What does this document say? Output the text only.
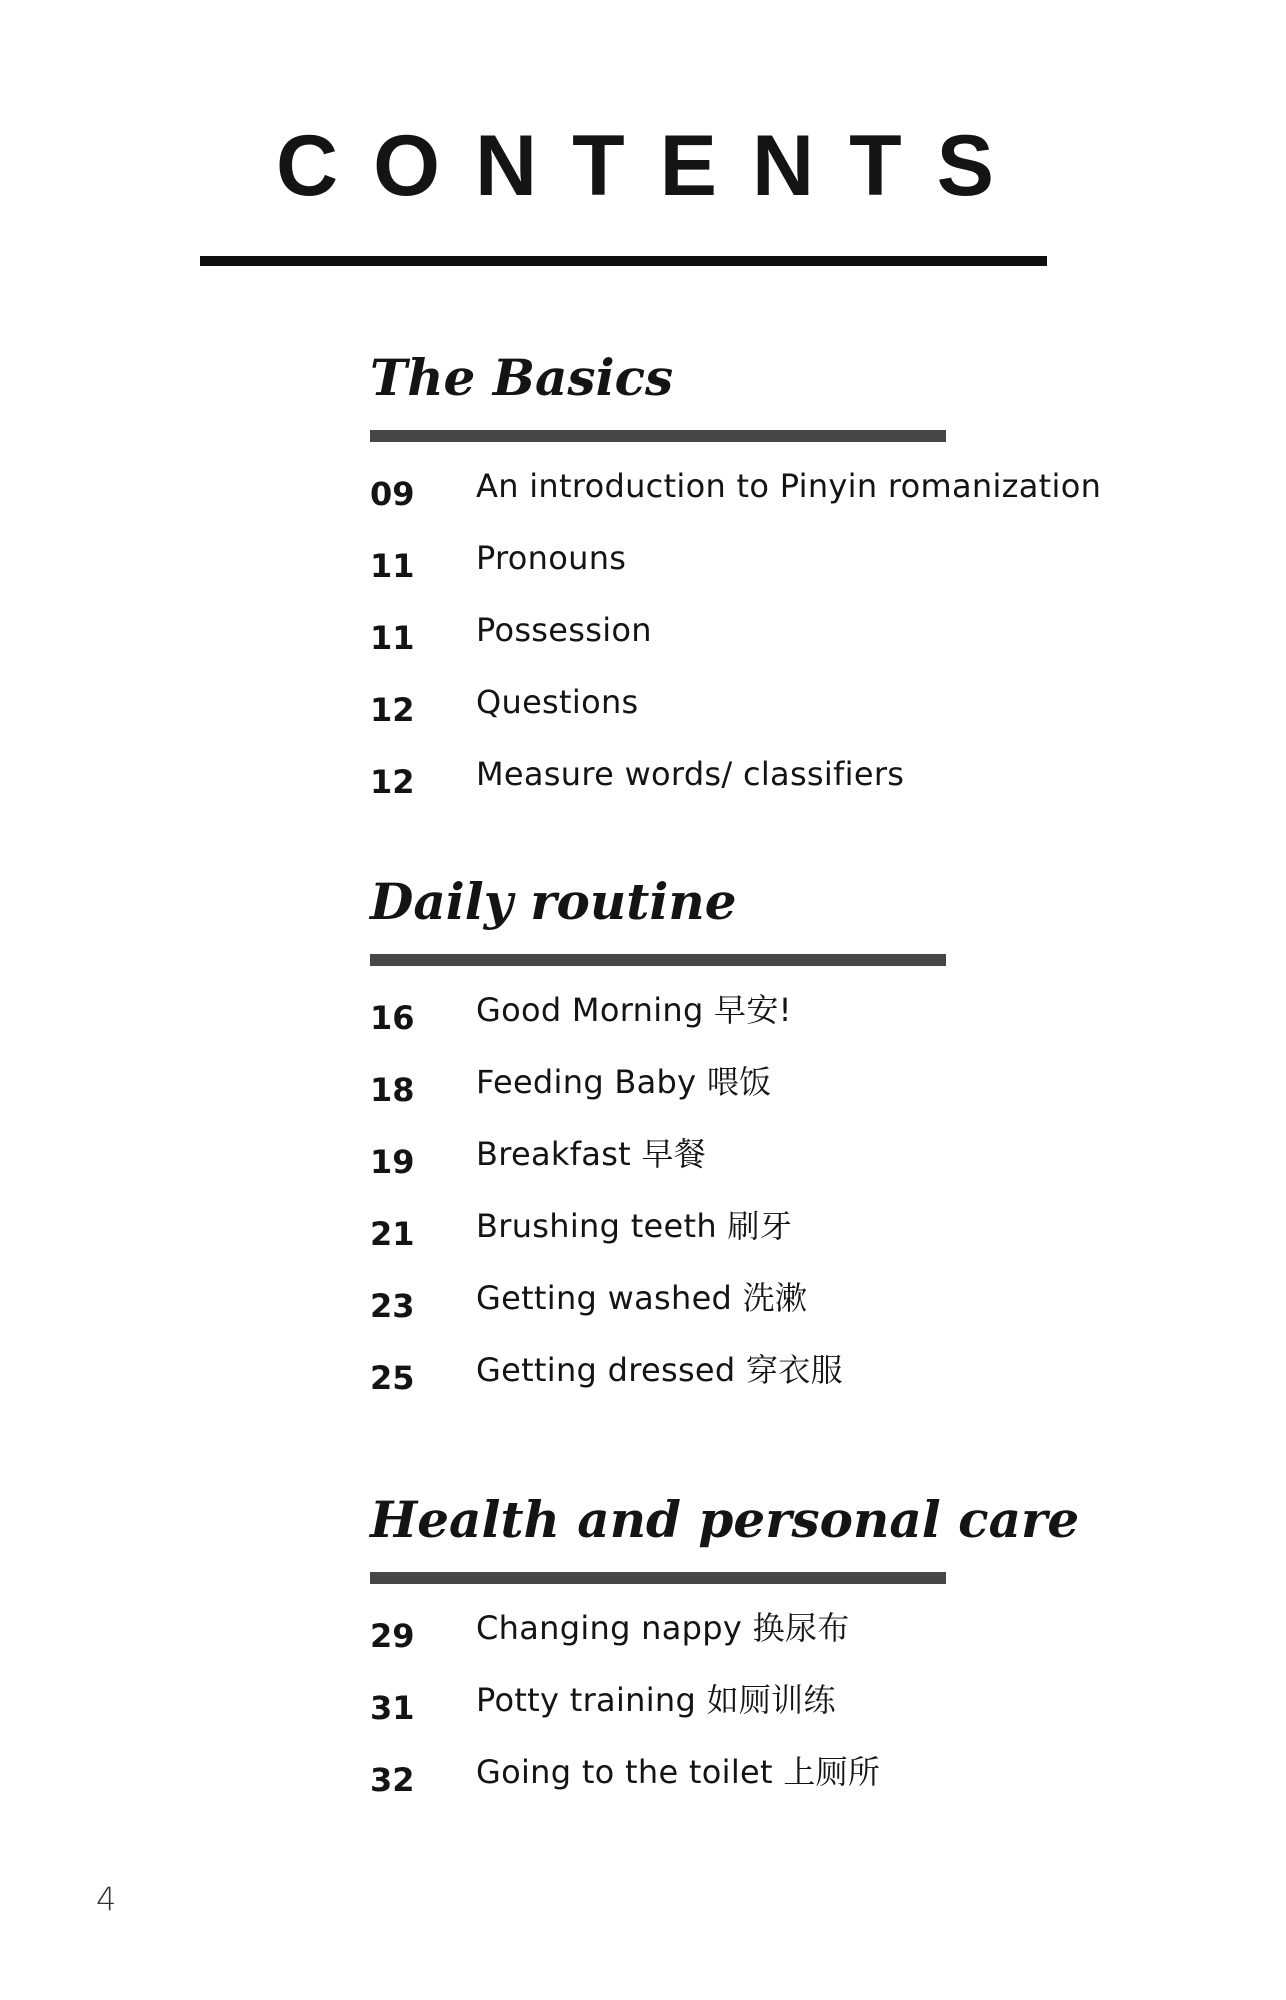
CONTENTS
The Basics
09	An introduction to Pinyin romanization
11	Pronouns
11	Possession
12	Questions
12	Measure words/ classifiers
Daily routine
16	Good Morning 早安!
18	Feeding Baby 喂饭
19	Breakfast 早餐
21	Brushing teeth 刷牙
23	Getting washed 洗漱
25	Getting dressed 穿衣服
Health and personal care
29	Changing nappy 换尿布
31	Potty training 如厕训练
32	Going to the toilet 上厕所
4
